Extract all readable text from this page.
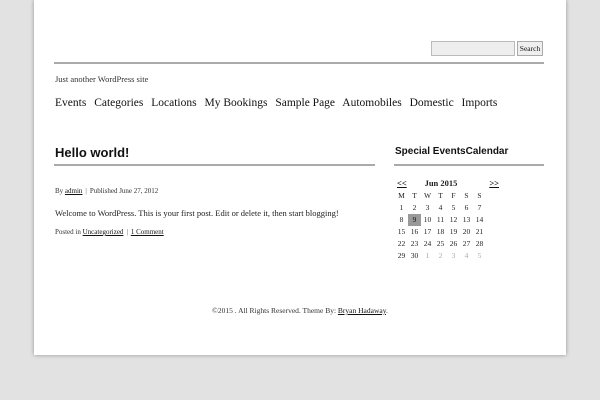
Search
Just another WordPress site
Events Categories Locations My Bookings Sample Page Automobiles Domestic Imports
Hello world!
By admin | Published June 27, 2012
Welcome to WordPress. This is your first post. Edit or delete it, then start blogging!
Posted in Uncategorized | 1 Comment
Special EventsCalendar
<<	Jun 2015	>>
M T W T	F	S	S
1	2	3	4	5	6	7
8	9 10 11 12 13 14
15 16 17 18 19 20 21
22 23 24 25 26 27 28
29 30 1	2	3	4	5
©2015 . All Rights Reserved. Theme By: Bryan Hadaway.
